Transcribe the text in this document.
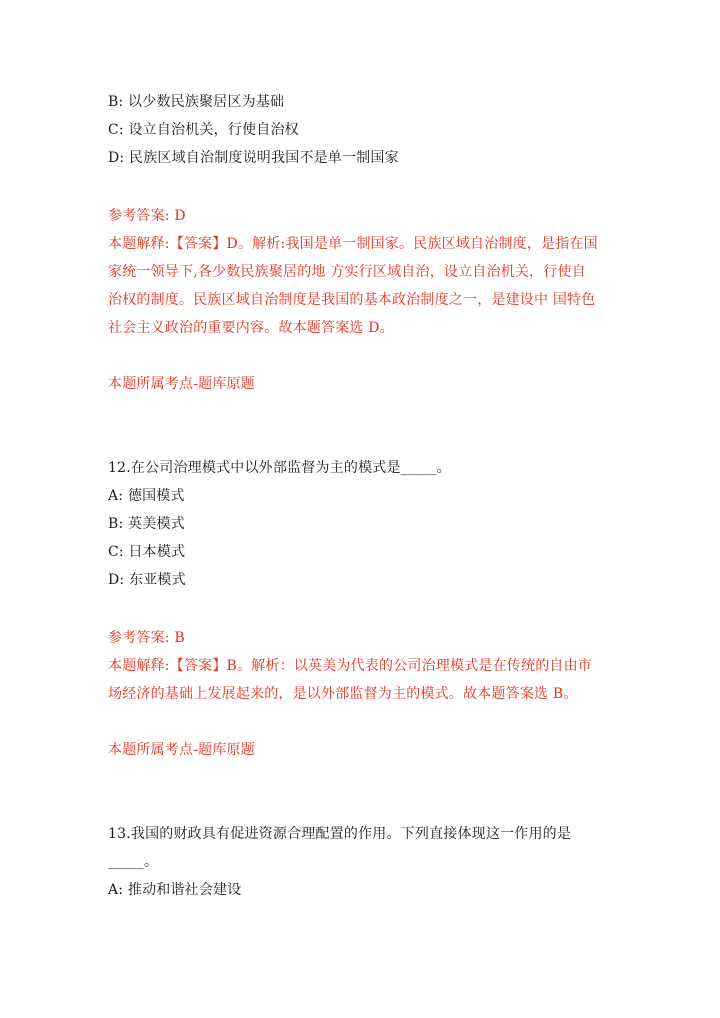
B: 以少数民族聚居区为基础
C: 设立自治机关，行使自治权
D: 民族区域自治制度说明我国不是单一制国家
参考答案: D
本题解释:【答案】D。解析:我国是单一制国家。民族区域自治制度，是指在国
家统一领导下,各少数民族聚居的地 方实行区域自治，设立自治机关，行使自
治权的制度。民族区域自治制度是我国的基本政治制度之一，是建设中 国特色
社会主义政治的重要内容。故本题答案选 D。
本题所属考点-题库原题
12.在公司治理模式中以外部监督为主的模式是_____。
A: 德国模式
B: 英美模式
C: 日本模式
D: 东亚模式
参考答案: B
本题解释:【答案】B。解析：以英美为代表的公司治理模式是在传统的自由市
场经济的基础上发展起来的，是以外部监督为主的模式。故本题答案选 B。
本题所属考点-题库原题
13.我国的财政具有促进资源合理配置的作用。下列直接体现这一作用的是
_____。
A: 推动和谐社会建设
